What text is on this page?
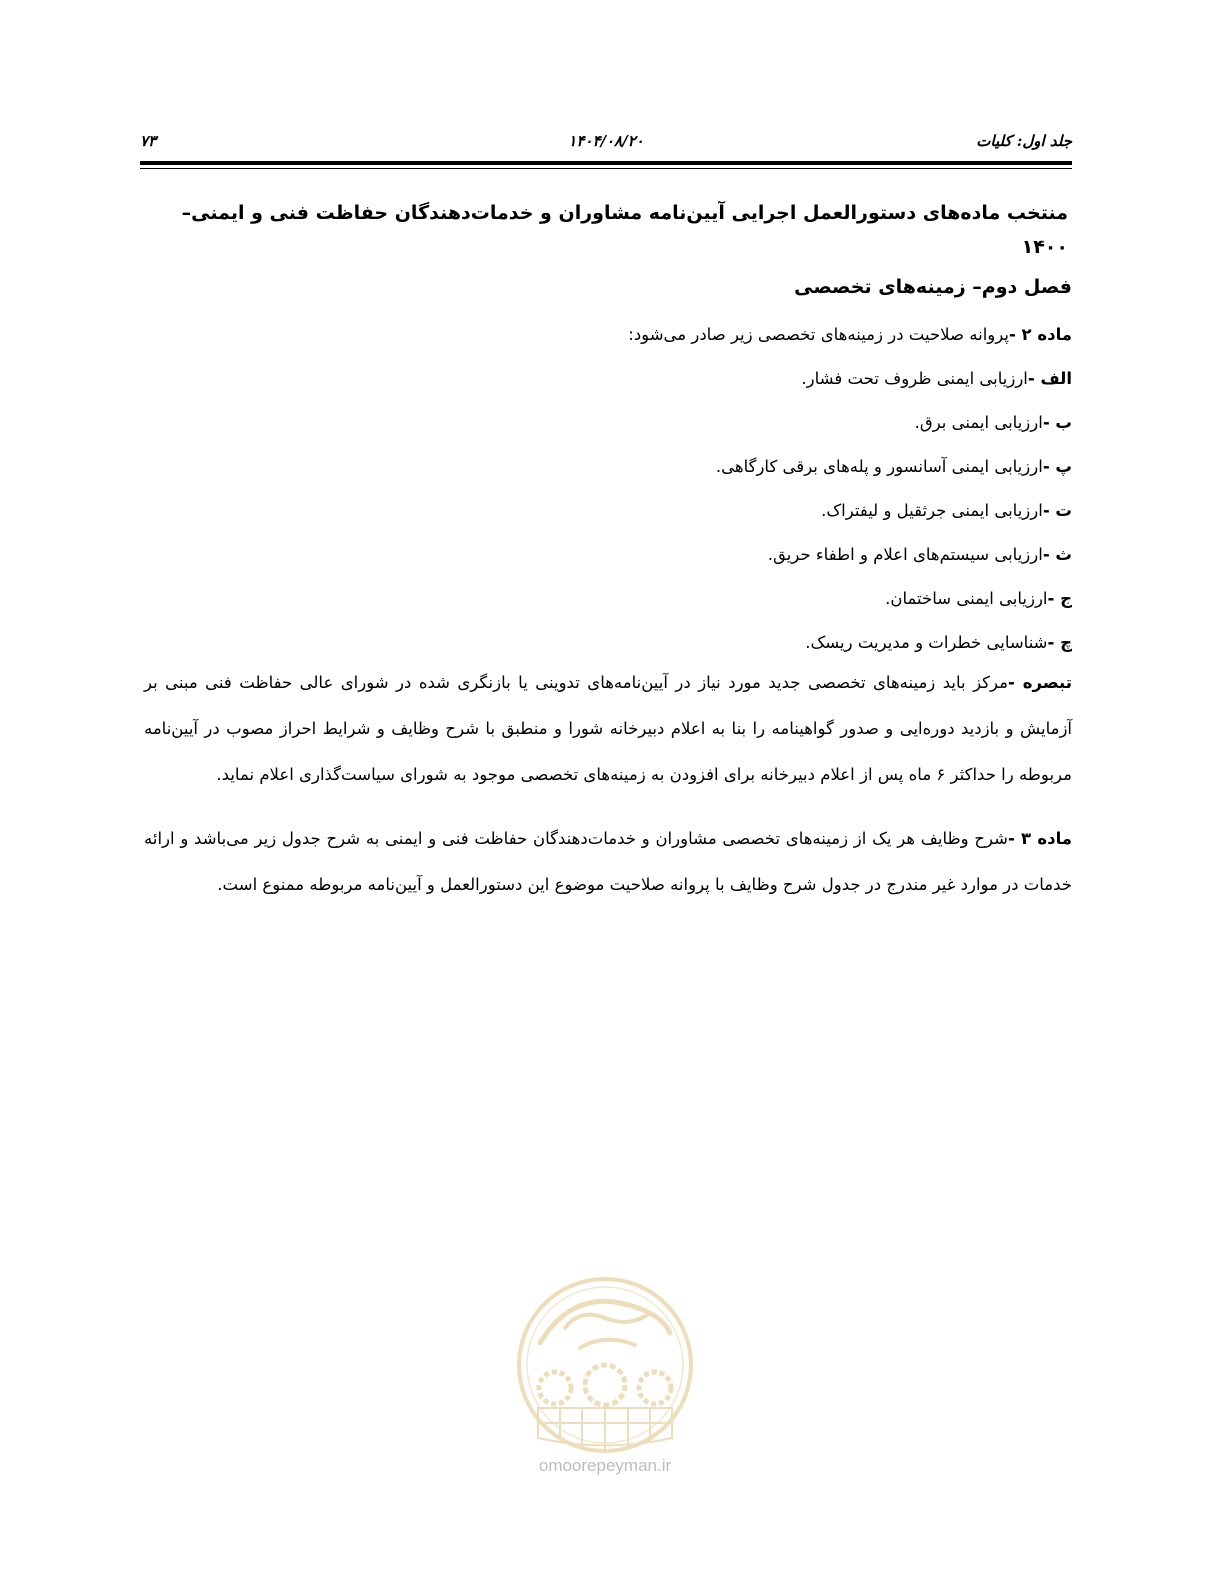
جلد اول: کلیات
۱۴۰۴/۰۸/۲۰
۷۳
منتخب ماده‌های دستورالعمل اجرایی آیین‌نامه مشاوران و خدمات‌دهندگان حفاظت فنی و ایمنی– ۱۴۰۰
فصل دوم– زمینه‌های تخصصی
ماده ۲ -پروانه صلاحیت در زمینه‌های تخصصی زیر صادر می‌شود:
الف -ارزیابی ایمنی ظروف تحت فشار.
ب -ارزیابی ایمنی برق.
پ -ارزیابی ایمنی آسانسور و پله‌های برقی کارگاهی.
ت -ارزیابی ایمنی جرثقیل و لیفتراک.
ث -ارزیابی سیستم‌های اعلام و اطفاء حریق.
ج -ارزیابی ایمنی ساختمان.
چ -شناسایی خطرات و مدیریت ریسک.
تبصره -مرکز باید زمینه‌های تخصصی جدید مورد نیاز در آیین‌نامه‌های تدوینی یا بازنگری شده در شورای عالی حفاظت فنی مبنی بر آزمایش و بازدید دوره‌ایی و صدور گواهینامه را بنا به اعلام دبیرخانه شورا و منطبق با شرح وظایف و شرایط احراز مصوب در آیین‌نامه مربوطه را حداکثر ۶ ماه پس از اعلام دبیرخانه برای افزودن به زمینه‌های تخصصی موجود به شورای سیاست‌گذاری اعلام نماید.
ماده ۳ -شرح وظایف هر یک از زمینه‌های تخصصی مشاوران و خدمات‌دهندگان حفاظت فنی و ایمنی به شرح جدول زیر می‌باشد و ارائه خدمات در موارد غیر مندرج در جدول شرح وظایف با پروانه صلاحیت موضوع این دستورالعمل و آیین‌نامه مربوطه ممنوع است.
omoorepeyman.ir
